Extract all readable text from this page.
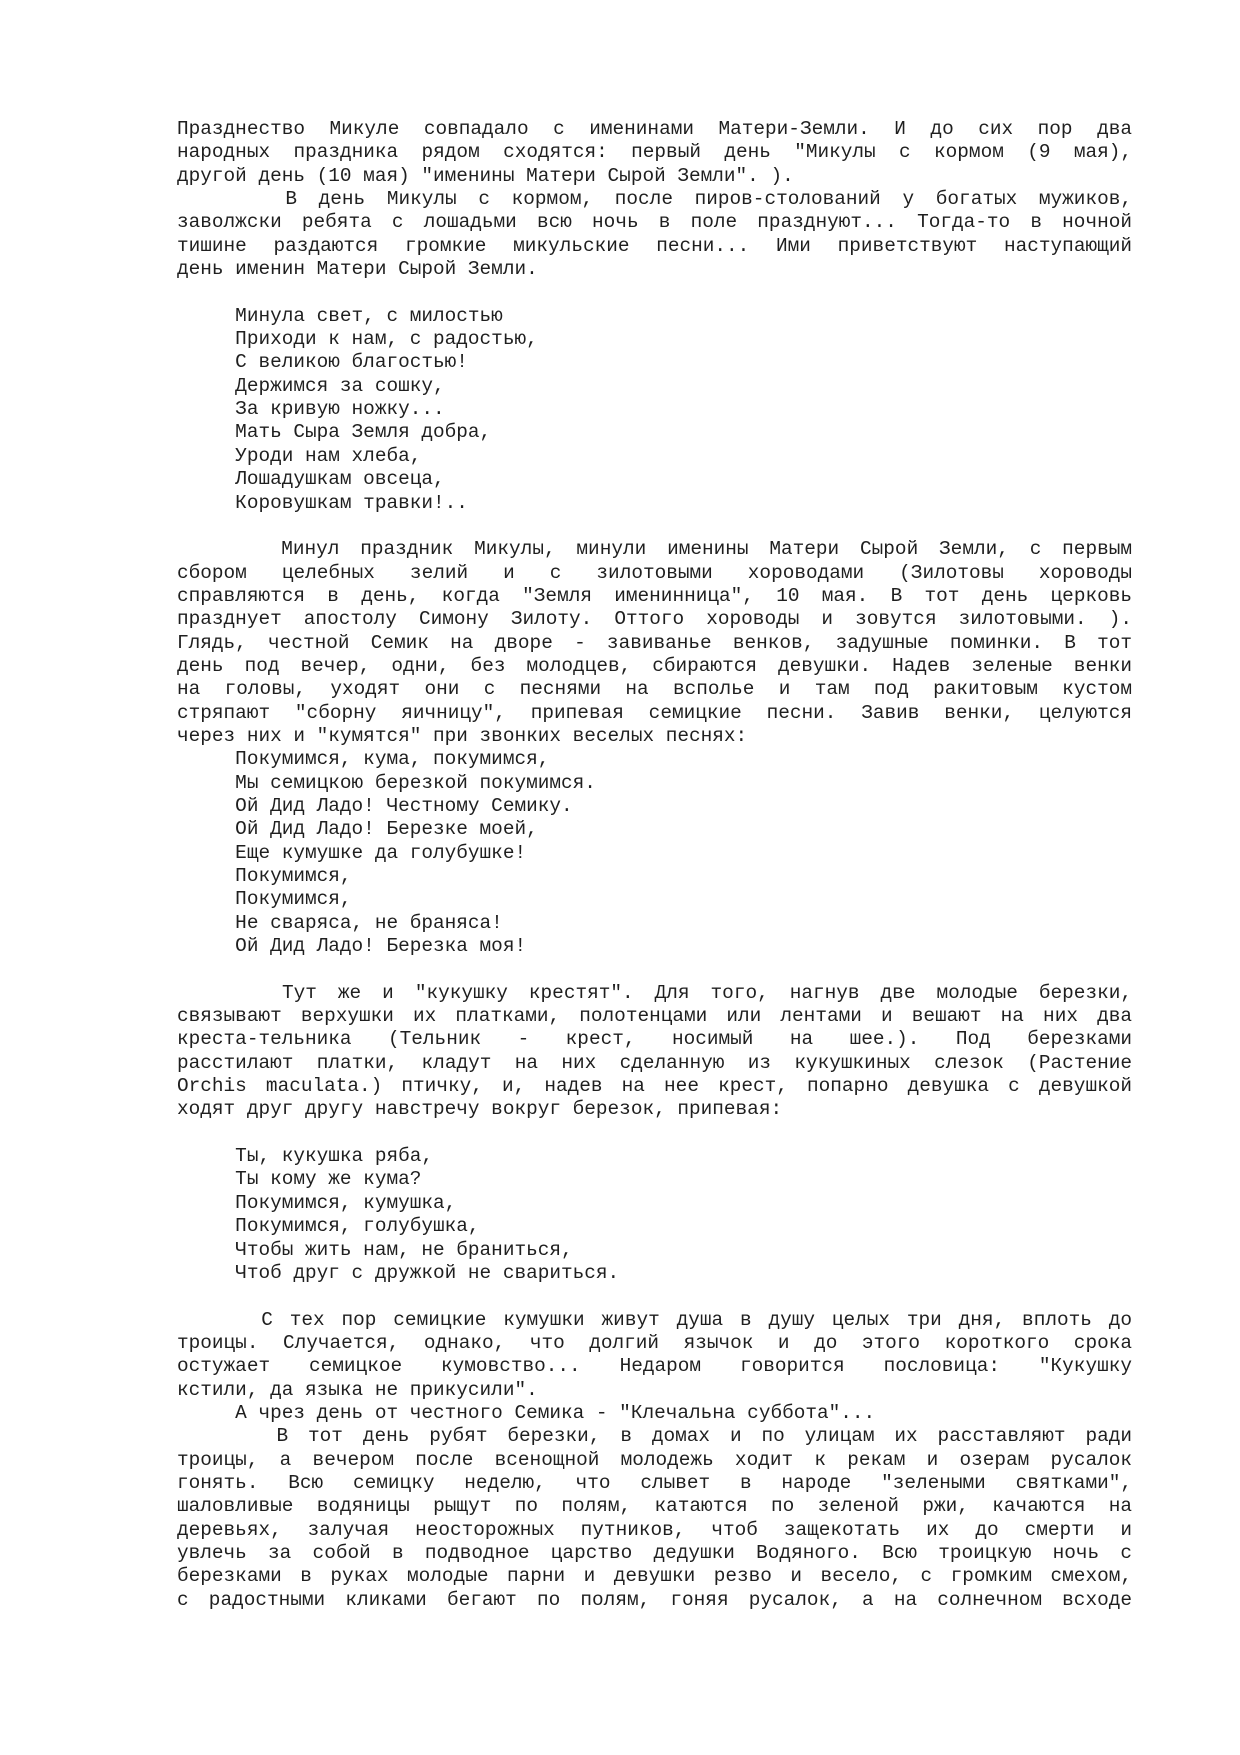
Празднество Микуле совпадало с именинами Матери-Земли. И до сих пор два
народных праздника рядом сходятся: первый день "Микулы с кормом (9 мая),
другой день (10 мая) "именины Матери Сырой Земли". ).
В день Микулы с кормом, после пиров-столований у богатых мужиков,
заволжски ребята с лошадьми всю ночь в поле празднуют... Тогда-то в ночной
тишине раздаются громкие микульские песни... Ими приветствуют наступающий
день именин Матери Сырой Земли.
Минула свет, с милостью
Приходи к нам, с радостью,
С великою благостью!
Держимся за сошку,
За кривую ножку...
Мать Сыра Земля добра,
Уроди нам хлеба,
Лошадушкам овсеца,
Коровушкам травки!..
Минул праздник Микулы, минули именины Матери Сырой Земли, с первым
сбором целебных зелий и с зилотовыми хороводами (Зилотовы хороводы
справляются в день, когда "Земля именинница", 10 мая. В тот день церковь
празднует апостолу Симону Зилоту. Оттого хороводы и зовутся зилотовыми. ).
Глядь, честной Семик на дворе - завиванье венков, задушные поминки. В тот
день под вечер, одни, без молодцев, сбираются девушки. Надев зеленые венки
на головы, уходят они с песнями на всполье и там под ракитовым кустом
стряпают "сборну яичницу", припевая семицкие песни. Завив венки, целуются
через них и "кумятся" при звонких веселых песнях:
Покумимся, кума, покумимся,
Мы семицкою березкой покумимся.
Ой Дид Ладо! Честному Семику.
Ой Дид Ладо! Березке моей,
Еще кумушке да голубушке!
Покумимся,
Покумимся,
Не сваряса, не браняса!
Ой Дид Ладо! Березка моя!
Тут же и "кукушку крестят". Для того, нагнув две молодые березки,
связывают верхушки их платками, полотенцами или лентами и вешают на них два
креста-тельника (Тельник - крест, носимый на шее.). Под березками
расстилают платки, кладут на них сделанную из кукушкиных слезок (Растение
Orchis maculata.) птичку, и, надев на нее крест, попарно девушка с девушкой
ходят друг другу навстречу вокруг березок, припевая:
Ты, кукушка ряба,
Ты кому же кума?
Покумимся, кумушка,
Покумимся, голубушка,
Чтобы жить нам, не браниться,
Чтоб друг с дружкой не свариться.
С тех пор семицкие кумушки живут душа в душу целых три дня, вплоть до
троицы. Случается, однако, что долгий язычок и до этого короткого срока
остужает семицкое кумовство... Недаром говорится пословица: "Кукушку
кстили, да языка не прикусили".
А чрез день от честного Семика - "Клечальна суббота"...
В тот день рубят березки, в домах и по улицам их расставляют ради
троицы, а вечером после всенощной молодежь ходит к рекам и озерам русалок
гонять. Всю семицку неделю, что слывет в народе "зелеными святками",
шаловливые водяницы рыщут по полям, катаются по зеленой ржи, качаются на
деревьях, залучая неосторожных путников, чтоб защекотать их до смерти и
увлечь за собой в подводное царство дедушки Водяного. Всю троицкую ночь с
березками в руках молодые парни и девушки резво и весело, с громким смехом,
с радостными кликами бегают по полям, гоняя русалок, а на солнечном всходе
